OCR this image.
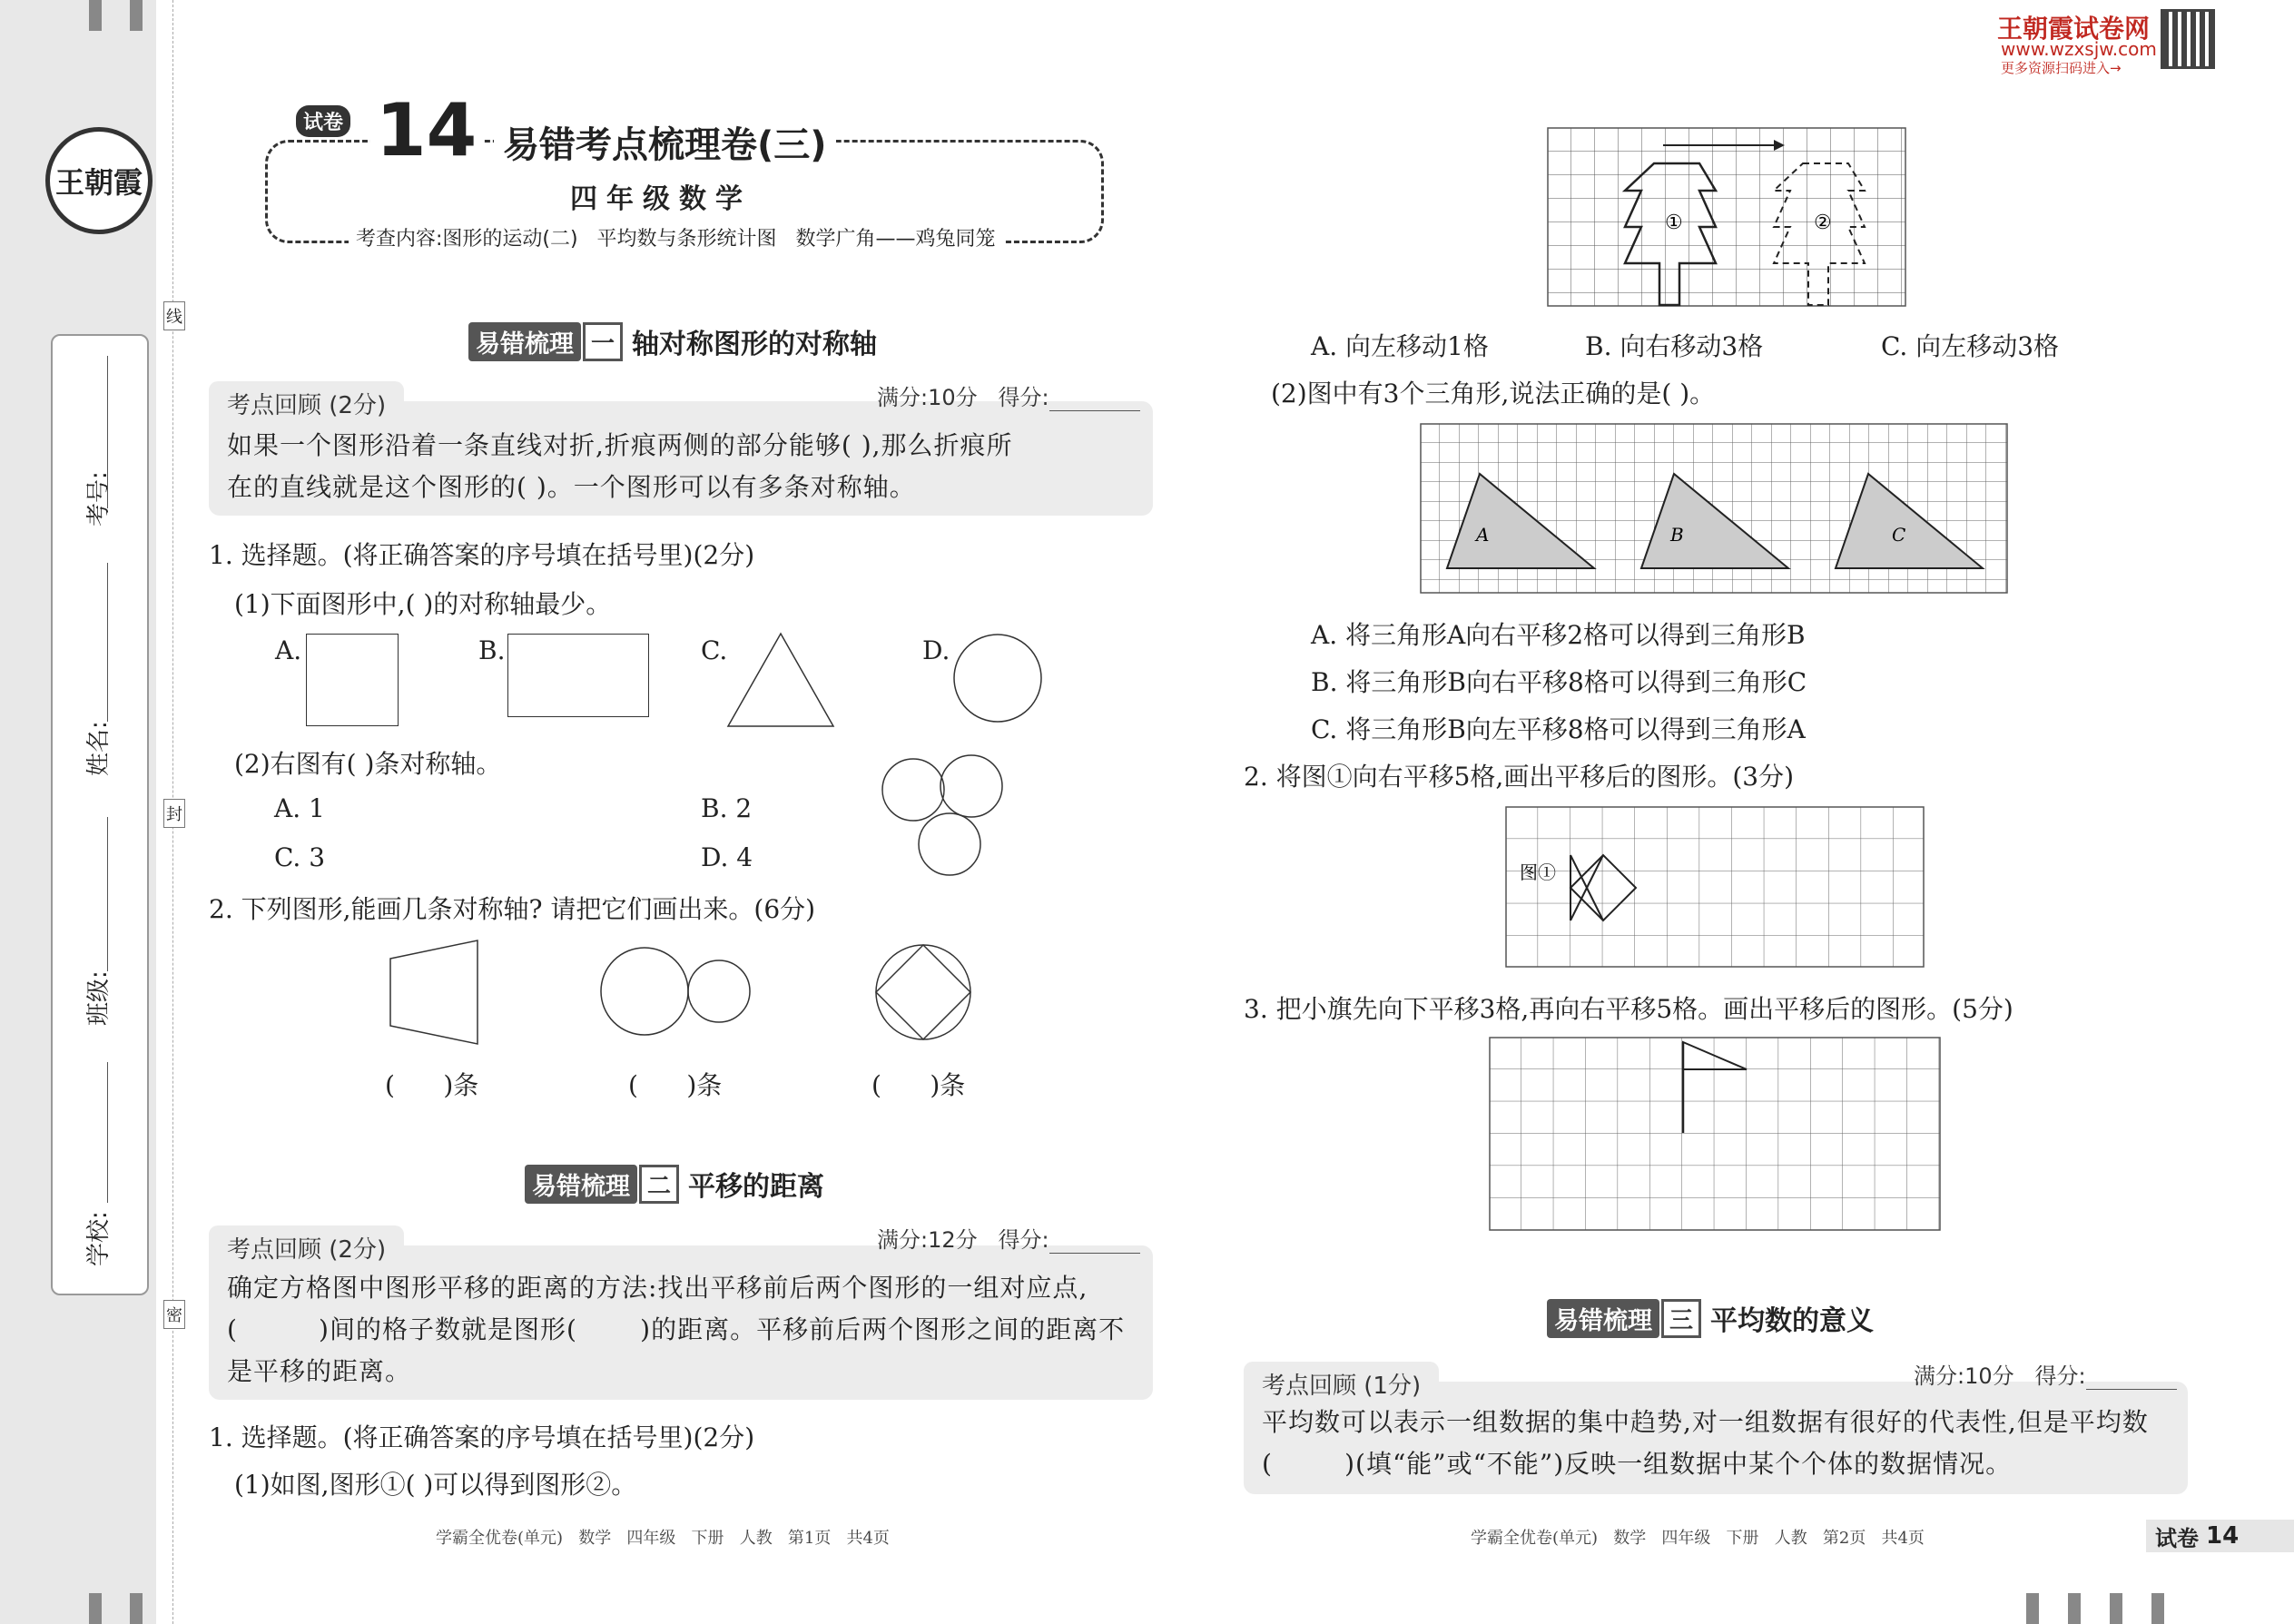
王朝霞
线
封
密
考号:
姓名:
班级:
学校:
试卷 14 易错考点梳理卷(三)
四年级数学
考查内容:图形的运动(二)   平均数与条形统计图   数学广角——鸡兔同笼
王朝霞试卷网
www.wzxsjw.com
更多资源扫码进入→
易错梳理 一 轴对称图形的对称轴
考点回顾 (2分)	满分:10分 得分:
如果一个图形沿着一条直线对折,折痕两侧的部分能够( ),那么折痕所
在的直线就是这个图形的( )。一个图形可以有多条对称轴。
1. 选择题。(将正确答案的序号填在括号里)(2分)
(1)下面图形中,( )的对称轴最少。
A.	B.	C.	D.
(2)右图有( )条对称轴。
A. 1	B. 2
C. 3	D. 4
2. 下列图形,能画几条对称轴? 请把它们画出来。(6分)
(      )条	(      )条	(      )条
易错梳理 二 平移的距离
考点回顾 (2分)	满分:12分 得分:
确定方格图中图形平移的距离的方法:找出平移前后两个图形的一组对应点,
(         )间的格子数就是图形(       )的距离。平移前后两个图形之间的距离不
是平移的距离。
1. 选择题。(将正确答案的序号填在括号里)(2分)
(1)如图,图形①( )可以得到图形②。
①	②
A. 向左移动1格	B. 向右移动3格	C. 向左移动3格
(2)图中有3个三角形,说法正确的是( )。
A	B	C
A. 将三角形A向右平移2格可以得到三角形B
B. 将三角形B向右平移8格可以得到三角形C
C. 将三角形B向左平移8格可以得到三角形A
2. 将图①向右平移5格,画出平移后的图形。(3分)
图①
3. 把小旗先向下平移3格,再向右平移5格。画出平移后的图形。(5分)
易错梳理 三 平均数的意义
考点回顾 (1分)	满分:10分 得分:
平均数可以表示一组数据的集中趋势,对一组数据有很好的代表性,但是平均数
(        )(填“能”或“不能”)反映一组数据中某个个体的数据情况。
学霸全优卷(单元)   数学   四年级   下册   人教   第1页   共4页	学霸全优卷(单元)   数学   四年级   下册   人教   第2页   共4页	试卷 14
